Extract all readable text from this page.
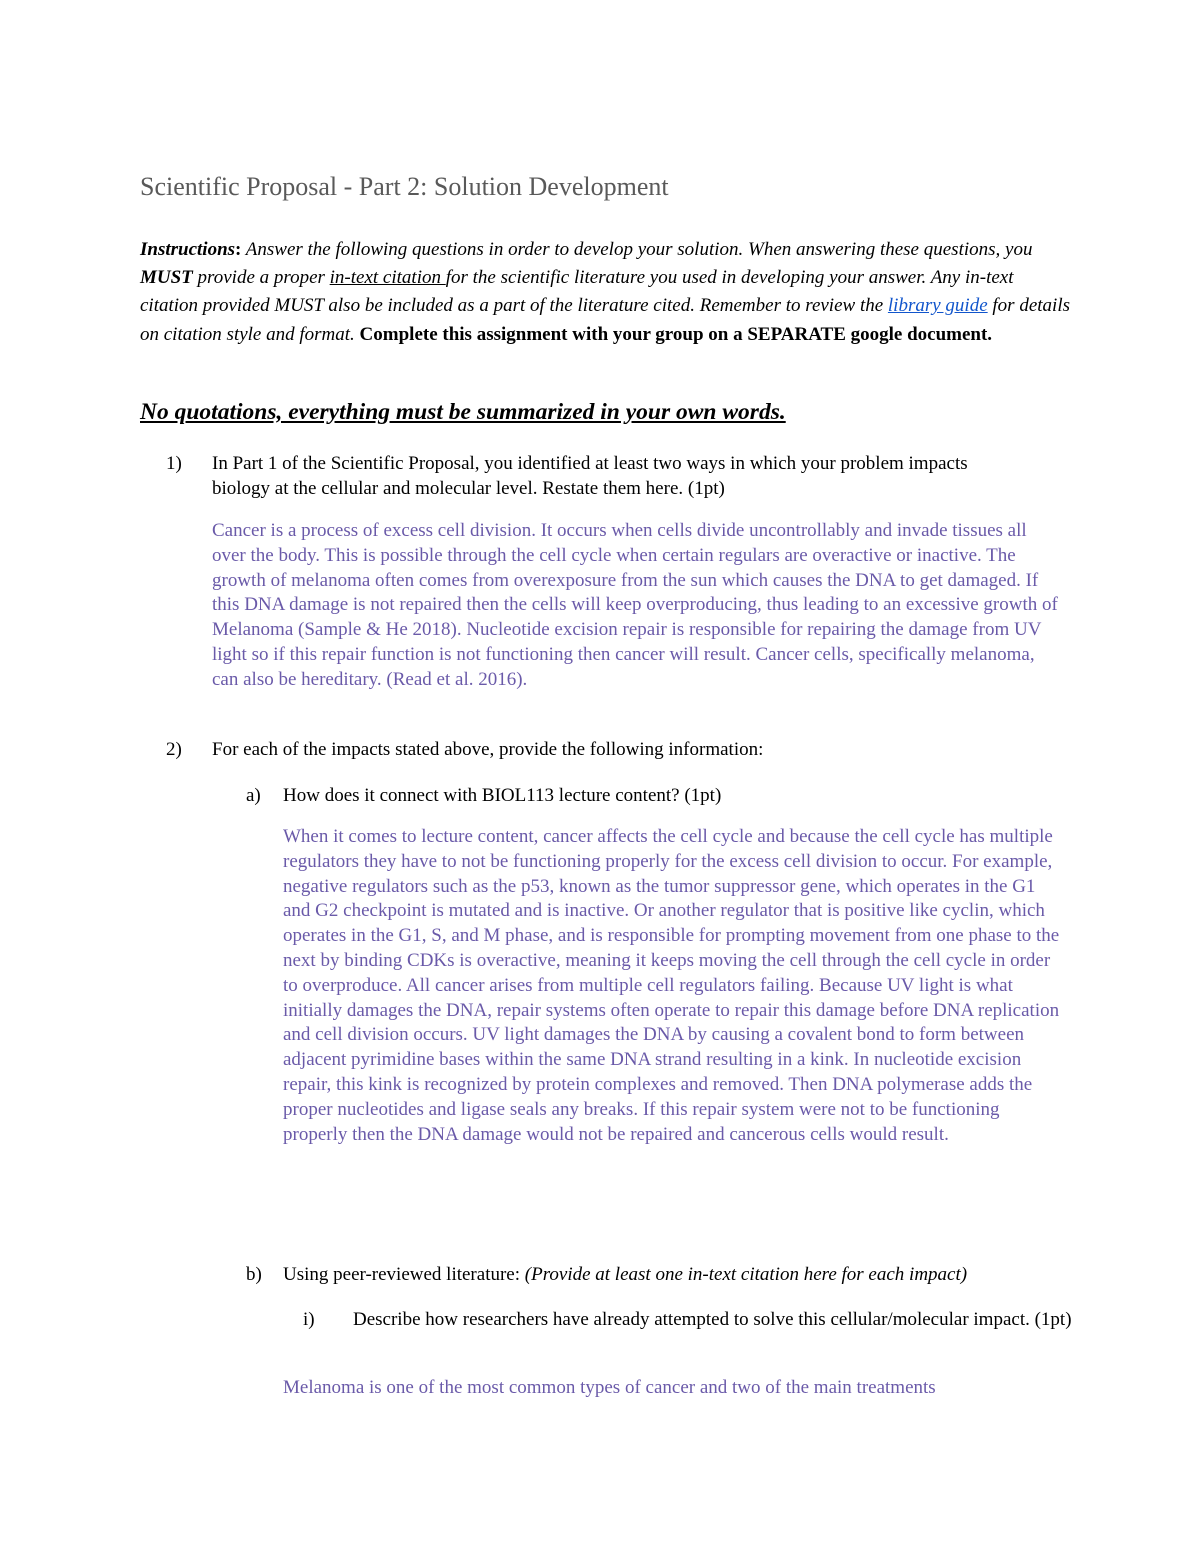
Scientific Proposal - Part 2: Solution Development
Instructions: Answer the following questions in order to develop your solution. When answering these questions, you MUST provide a proper in-text citation for the scientific literature you used in developing your answer. Any in-text citation provided MUST also be included as a part of the literature cited. Remember to review the library guide for details on citation style and format. Complete this assignment with your group on a SEPARATE google document.
No quotations, everything must be summarized in your own words.
1) In Part 1 of the Scientific Proposal, you identified at least two ways in which your problem impacts biology at the cellular and molecular level. Restate them here. (1pt)
Cancer is a process of excess cell division. It occurs when cells divide uncontrollably and invade tissues all over the body. This is possible through the cell cycle when certain regulars are overactive or inactive. The growth of melanoma often comes from overexposure from the sun which causes the DNA to get damaged. If this DNA damage is not repaired then the cells will keep overproducing, thus leading to an excessive growth of Melanoma (Sample & He 2018). Nucleotide excision repair is responsible for repairing the damage from UV light so if this repair function is not functioning then cancer will result. Cancer cells, specifically melanoma, can also be hereditary. (Read et al. 2016).
2) For each of the impacts stated above, provide the following information:
a) How does it connect with BIOL113 lecture content? (1pt)
When it comes to lecture content, cancer affects the cell cycle and because the cell cycle has multiple regulators they have to not be functioning properly for the excess cell division to occur. For example, negative regulators such as the p53, known as the tumor suppressor gene, which operates in the G1 and G2 checkpoint is mutated and is inactive. Or another regulator that is positive like cyclin, which operates in the G1, S, and M phase, and is responsible for prompting movement from one phase to the next by binding CDKs is overactive, meaning it keeps moving the cell through the cell cycle in order to overproduce. All cancer arises from multiple cell regulators failing. Because UV light is what initially damages the DNA, repair systems often operate to repair this damage before DNA replication and cell division occurs. UV light damages the DNA by causing a covalent bond to form between adjacent pyrimidine bases within the same DNA strand resulting in a kink. In nucleotide excision repair, this kink is recognized by protein complexes and removed. Then DNA polymerase adds the proper nucleotides and ligase seals any breaks. If this repair system were not to be functioning properly then the DNA damage would not be repaired and cancerous cells would result.
b) Using peer-reviewed literature: (Provide at least one in-text citation here for each impact)
i) Describe how researchers have already attempted to solve this cellular/molecular impact. (1pt)
Melanoma is one of the most common types of cancer and two of the main treatments
